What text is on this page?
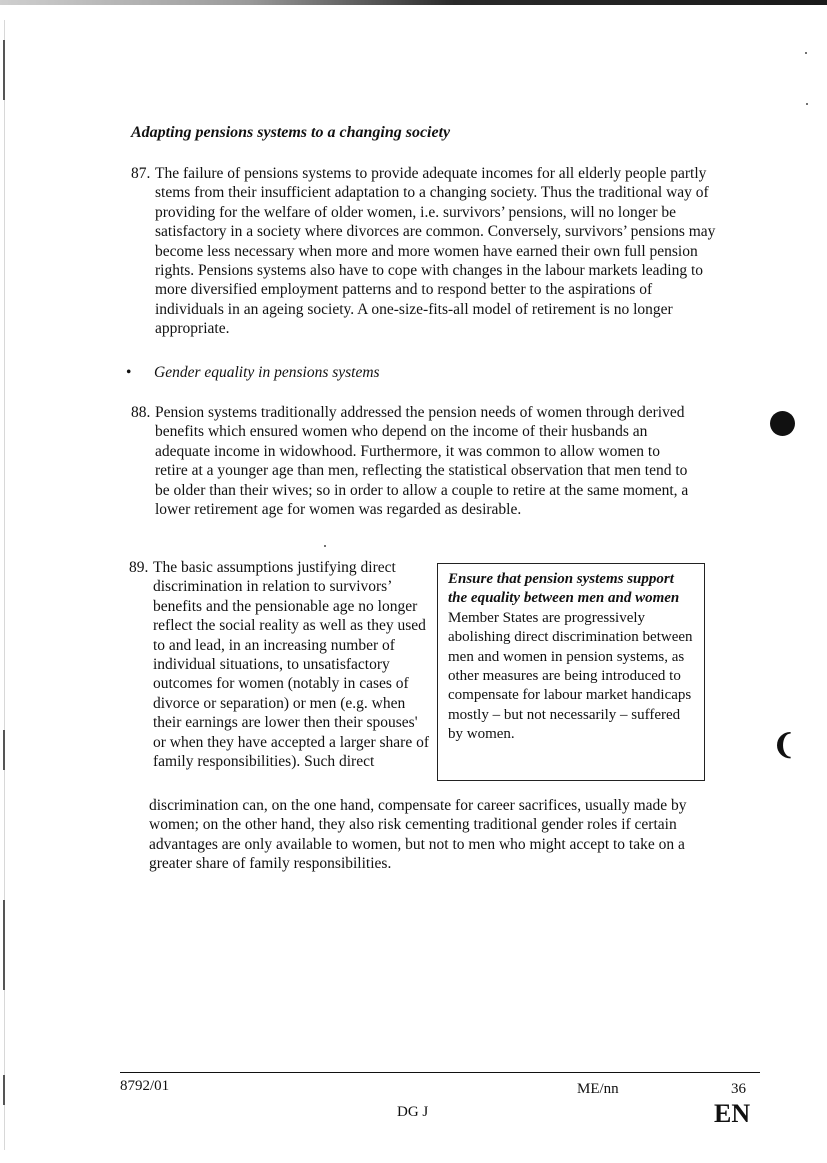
Adapting pensions systems to a changing society
87. The failure of pensions systems to provide adequate incomes for all elderly people partly stems from their insufficient adaptation to a changing society. Thus the traditional way of providing for the welfare of older women, i.e. survivors’ pensions, will no longer be satisfactory in a society where divorces are common. Conversely, survivors’ pensions may become less necessary when more and more women have earned their own full pension rights. Pensions systems also have to cope with changes in the labour markets leading to more diversified employment patterns and to respond better to the aspirations of individuals in an ageing society. A one-size-fits-all model of retirement is no longer appropriate.
• Gender equality in pensions systems
88. Pension systems traditionally addressed the pension needs of women through derived benefits which ensured women who depend on the income of their husbands an adequate income in widowhood. Furthermore, it was common to allow women to retire at a younger age than men, reflecting the statistical observation that men tend to be older than their wives; so in order to allow a couple to retire at the same moment, a lower retirement age for women was regarded as desirable.
89. The basic assumptions justifying direct discrimination in relation to survivors’ benefits and the pensionable age no longer reflect the social reality as well as they used to and lead, in an increasing number of individual situations, to unsatisfactory outcomes for women (notably in cases of divorce or separation) or men (e.g. when their earnings are lower then their spouses' or when they have accepted a larger share of family responsibilities). Such direct
Ensure that pension systems support the equality between men and women
Member States are progressively abolishing direct discrimination between men and women in pension systems, as other measures are being introduced to compensate for labour market handicaps mostly – but not necessarily – suffered by women.
discrimination can, on the one hand, compensate for career sacrifices, usually made by women; on the other hand, they also risk cementing traditional gender roles if certain advantages are only available to women, but not to men who might accept to take on a greater share of family responsibilities.
❨
8792/01	ME/nn	36
DG J	EN
